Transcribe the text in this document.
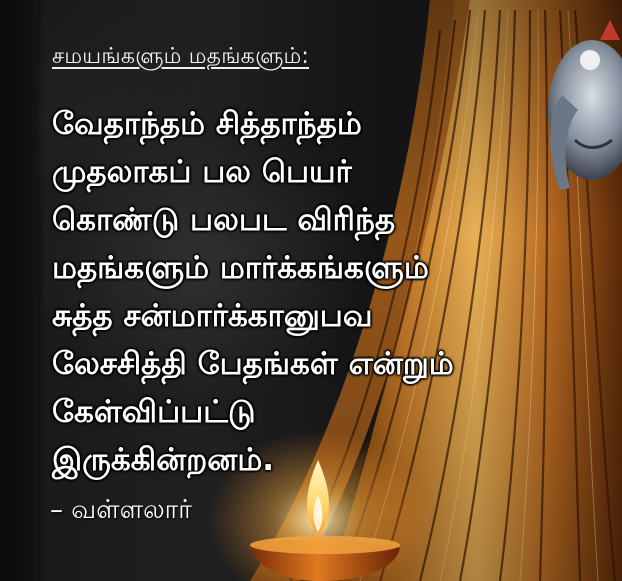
சமயங்களும் மதங்களும்:
வேதாந்தம் சித்தாந்தம்
முதலாகப் பல பெயர்
கொண்டு பலபட விரிந்த
மதங்களும் மார்க்கங்களும்
சுத்த சன்மார்க்கானுபவ
லேசசித்தி பேதங்கள் என்றும்
கேள்விப்பட்டு
இருக்கின்றனம்.

– வள்ளலார்
